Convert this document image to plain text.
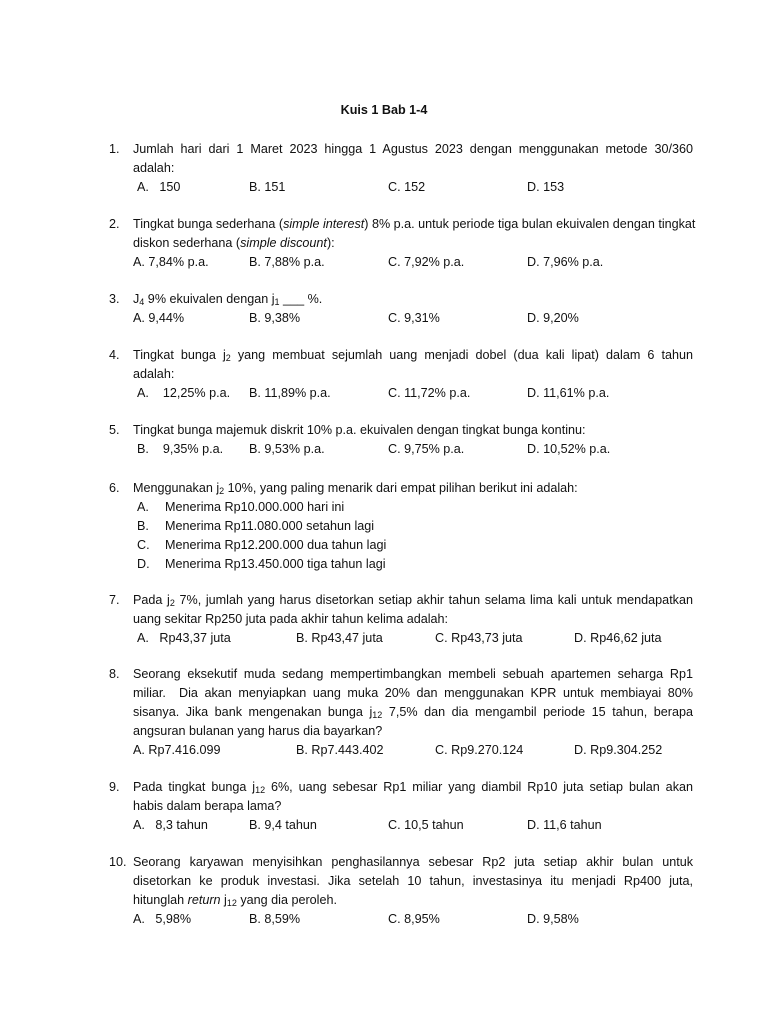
Kuis 1 Bab 1-4
1. Jumlah hari dari 1 Maret 2023 hingga 1 Agustus 2023 dengan menggunakan metode 30/360
adalah:
A.   150	B. 151	C. 152	D. 153
2. Tingkat bunga sederhana (simple interest) 8% p.a. untuk periode tiga bulan ekuivalen dengan tingkat
diskon sederhana (simple discount):
A. 7,84% p.a.	B. 7,88% p.a.	C. 7,92% p.a.	D. 7,96% p.a.
3. $J_4$ 9% ekuivalen dengan $j_1$ ___ %.
A. 9,44%	B. 9,38%	C. 9,31%	D. 9,20%
4. Tingkat bunga $j_2$ yang membuat sejumlah uang menjadi dobel (dua kali lipat) dalam 6 tahun
adalah:
A.    12,25% p.a. B. 11,89% p.a.	C. 11,72% p.a.	D. 11,61% p.a.
5. Tingkat bunga majemuk diskrit 10% p.a. ekuivalen dengan tingkat bunga kontinu:
B.    9,35% p.a. B. 9,53% p.a.	C. 9,75% p.a.	D. 10,52% p.a.
6. Menggunakan $j_2$ 10%, yang paling menarik dari empat pilihan berikut ini adalah:
A. Menerima Rp10.000.000 hari ini
B. Menerima Rp11.080.000 setahun lagi
C. Menerima Rp12.200.000 dua tahun lagi
D. Menerima Rp13.450.000 tiga tahun lagi
7. Pada $j_2$ 7%, jumlah yang harus disetorkan setiap akhir tahun selama lima kali untuk mendapatkan
uang sekitar Rp250 juta pada akhir tahun kelima adalah:
A.   Rp43,37 juta	B. Rp43,47 juta	C. Rp43,73 juta	D. Rp46,62 juta
8. Seorang eksekutif muda sedang mempertimbangkan membeli sebuah apartemen seharga Rp1
miliar.  Dia akan menyiapkan uang muka 20% dan menggunakan KPR untuk membiayai 80%
sisanya. Jika bank mengenakan bunga $j_{12}$ 7,5% dan dia mengambil periode 15 tahun, berapa
angsuran bulanan yang harus dia bayarkan?
A. Rp7.416.099	B. Rp7.443.402	C. Rp9.270.124	D. Rp9.304.252
9. Pada tingkat bunga $j_{12}$ 6%, uang sebesar Rp1 miliar yang diambil Rp10 juta setiap bulan akan
habis dalam berapa lama?
A.   8,3 tahun	B. 9,4 tahun	C. 10,5 tahun	D. 11,6 tahun
10. Seorang karyawan menyisihkan penghasilannya sebesar Rp2 juta setiap akhir bulan untuk
disetorkan ke produk investasi. Jika setelah 10 tahun, investasinya itu menjadi Rp400 juta,
hitunglah return $j_{12}$ yang dia peroleh.
A.   5,98%	B. 8,59%	C. 8,95%	D. 9,58%
